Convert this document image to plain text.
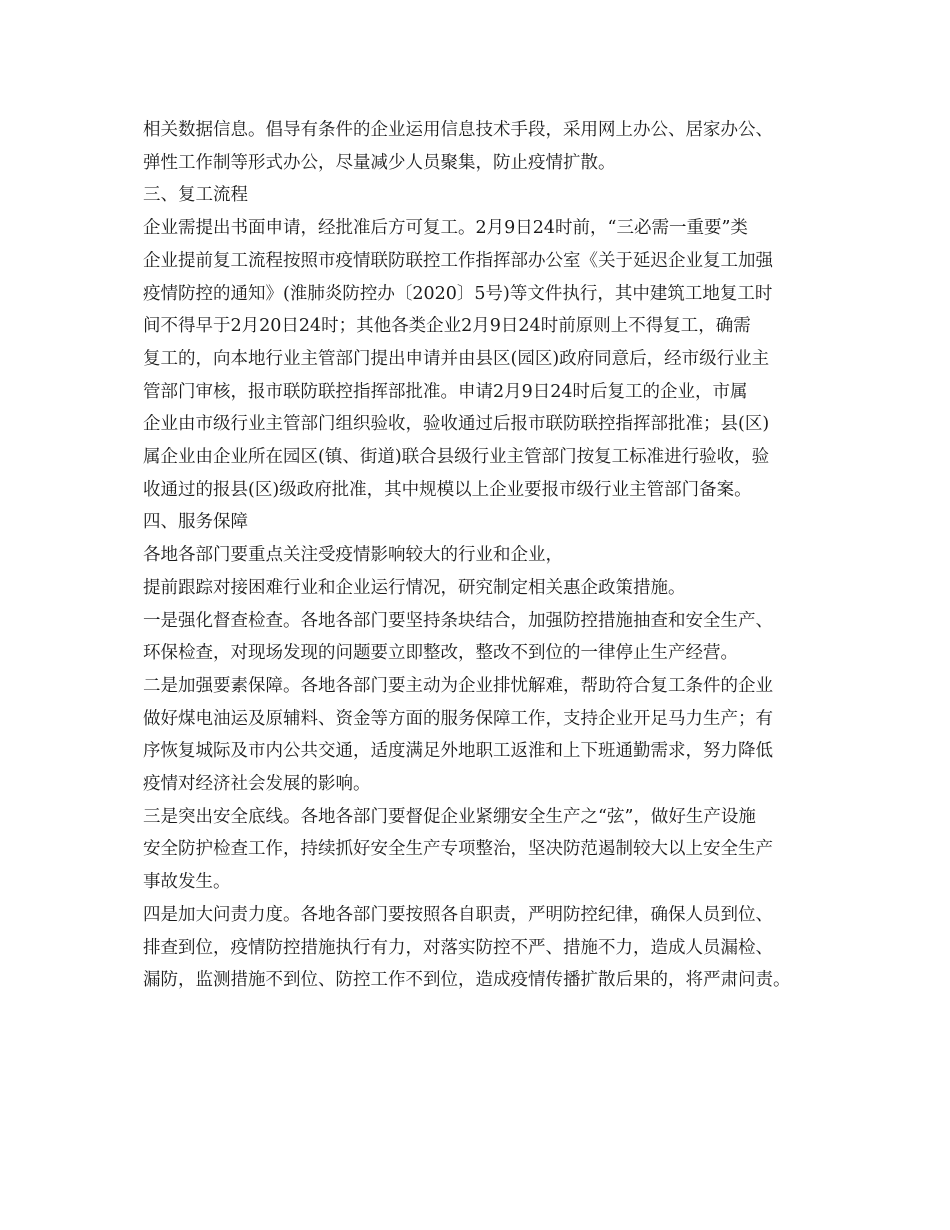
相关数据信息。倡导有条件的企业运用信息技术手段，采用网上办公、居家办公、
弹性工作制等形式办公，尽量减少人员聚集，防止疫情扩散。
三、复工流程
企业需提出书面申请，经批准后方可复工。2月9日24时前，“三必需一重要”类
企业提前复工流程按照市疫情联防联控工作指挥部办公室《关于延迟企业复工加强
疫情防控的通知》(淮肺炎防控办〔2020〕5号)等文件执行，其中建筑工地复工时
间不得早于2月20日24时；其他各类企业2月9日24时前原则上不得复工，确需
复工的，向本地行业主管部门提出申请并由县区(园区)政府同意后，经市级行业主
管部门审核，报市联防联控指挥部批准。申请2月9日24时后复工的企业，市属
企业由市级行业主管部门组织验收，验收通过后报市联防联控指挥部批准；县(区)
属企业由企业所在园区(镇、街道)联合县级行业主管部门按复工标准进行验收，验
收通过的报县(区)级政府批准，其中规模以上企业要报市级行业主管部门备案。
四、服务保障
各地各部门要重点关注受疫情影响较大的行业和企业，
提前跟踪对接困难行业和企业运行情况，研究制定相关惠企政策措施。
一是强化督查检查。各地各部门要坚持条块结合，加强防控措施抽查和安全生产、
环保检查，对现场发现的问题要立即整改，整改不到位的一律停止生产经营。
二是加强要素保障。各地各部门要主动为企业排忧解难，帮助符合复工条件的企业
做好煤电油运及原辅料、资金等方面的服务保障工作，支持企业开足马力生产；有
序恢复城际及市内公共交通，适度满足外地职工返淮和上下班通勤需求，努力降低
疫情对经济社会发展的影响。
三是突出安全底线。各地各部门要督促企业紧绷安全生产之“弦”，做好生产设施
安全防护检查工作，持续抓好安全生产专项整治，坚决防范遏制较大以上安全生产
事故发生。
四是加大问责力度。各地各部门要按照各自职责，严明防控纪律，确保人员到位、
排查到位，疫情防控措施执行有力，对落实防控不严、措施不力，造成人员漏检、
漏防，监测措施不到位、防控工作不到位，造成疫情传播扩散后果的，将严肃问责。
